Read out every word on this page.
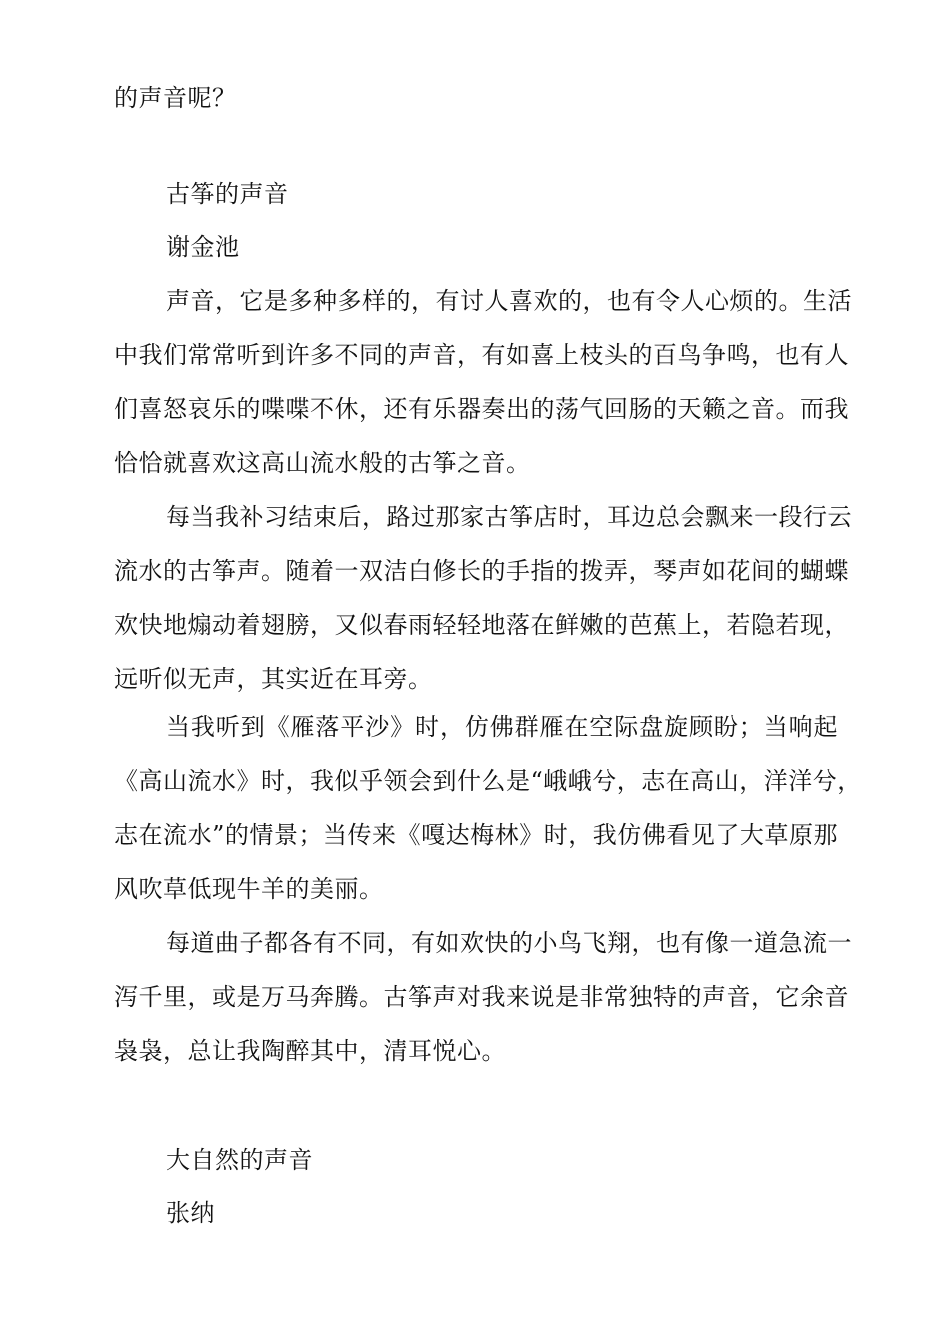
的声音呢？
古筝的声音
谢金池
声音，它是多种多样的，有讨人喜欢的，也有令人心烦的。生活
中我们常常听到许多不同的声音，有如喜上枝头的百鸟争鸣，也有人
们喜怒哀乐的喋喋不休，还有乐器奏出的荡气回肠的天籁之音。而我
恰恰就喜欢这高山流水般的古筝之音。
每当我补习结束后，路过那家古筝店时，耳边总会飘来一段行云
流水的古筝声。随着一双洁白修长的手指的拨弄，琴声如花间的蝴蝶
欢快地煽动着翅膀，又似春雨轻轻地落在鲜嫩的芭蕉上，若隐若现，
远听似无声，其实近在耳旁。
当我听到《雁落平沙》时，仿佛群雁在空际盘旋顾盼；当响起
《高山流水》时，我似乎领会到什么是“峨峨兮，志在高山，洋洋兮，
志在流水”的情景；当传来《嘎达梅林》时，我仿佛看见了大草原那
风吹草低现牛羊的美丽。
每道曲子都各有不同，有如欢快的小鸟飞翔，也有像一道急流一
泻千里，或是万马奔腾。古筝声对我来说是非常独特的声音，它余音
袅袅，总让我陶醉其中，清耳悦心。
大自然的声音
张纳
